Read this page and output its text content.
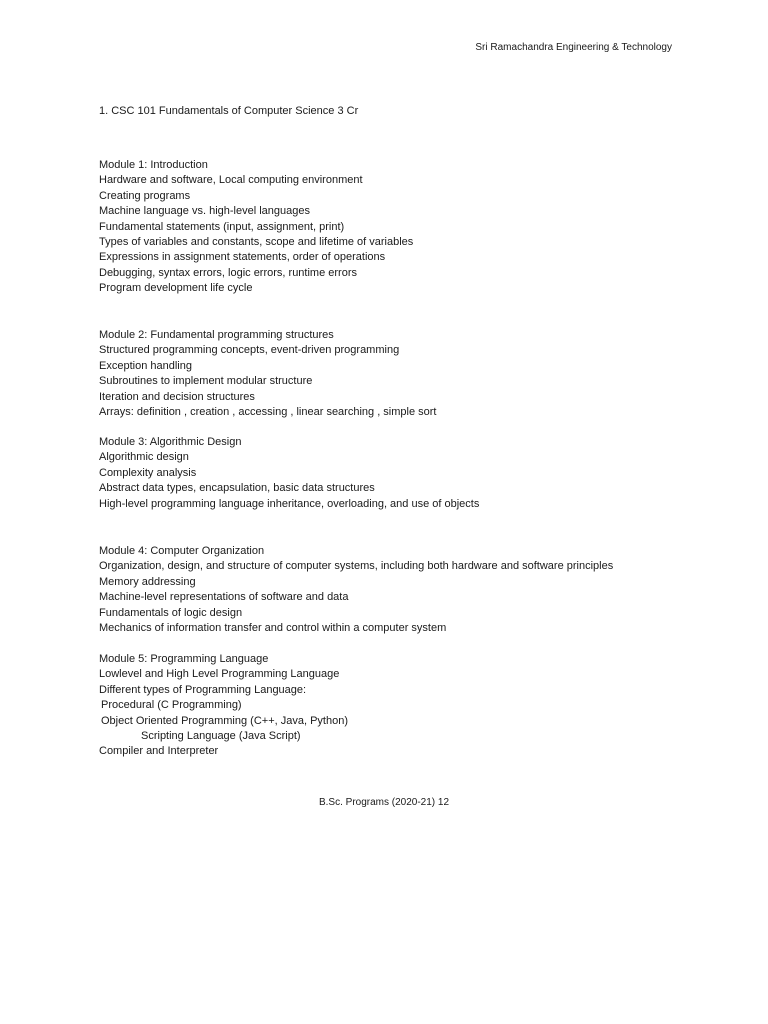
Sri Ramachandra Engineering & Technology
1. CSC 101 Fundamentals of Computer Science 3 Cr
Module 1: Introduction
Hardware and software, Local computing environment
Creating programs
Machine language vs. high-level languages
Fundamental statements (input, assignment, print)
Types of variables and constants, scope and lifetime of variables
Expressions in assignment statements, order of operations
Debugging, syntax errors, logic errors, runtime errors
Program development life cycle
Module 2: Fundamental programming structures
Structured programming concepts, event-driven programming
Exception handling
Subroutines to implement modular structure
Iteration and decision structures
Arrays: definition , creation , accessing , linear searching , simple sort
Module 3: Algorithmic Design
Algorithmic design
Complexity analysis
Abstract data types, encapsulation, basic data structures
High-level programming language inheritance, overloading, and use of objects
Module 4: Computer Organization
Organization, design, and structure of computer systems, including both hardware and software principles
Memory addressing
Machine-level representations of software and data
Fundamentals of logic design
Mechanics of information transfer and control within a computer system
Module 5: Programming Language
Lowlevel and High Level Programming Language
Different types of Programming Language:
Procedural (C Programming)
Object Oriented Programming (C++, Java, Python)
Scripting Language (Java Script)
Compiler and Interpreter
B.Sc. Programs (2020-21) 12
